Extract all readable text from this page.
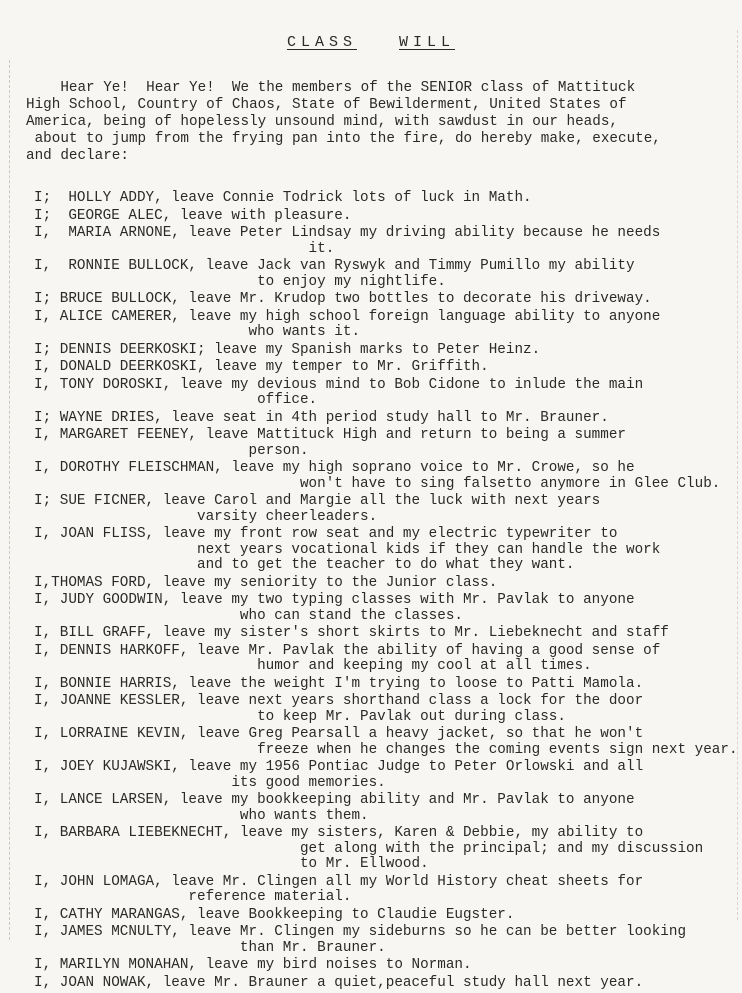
CLASS	WILL
Hear Ye!  Hear Ye!  We the members of the SENIOR class of Mattituck
High School, Country of Chaos, State of Bewilderment, United States of
America, being of hopelessly unsound mind, with sawdust in our heads,
about to jump from the frying pan into the fire, do hereby make, execute,
and declare:
I;  HOLLY ADDY, leave Connie Todrick lots of luck in Math.
I;  GEORGE ALEC, leave with pleasure.
I,  MARIA ARNONE, leave Peter Lindsay my driving ability because he needs
it.
I,  RONNIE BULLOCK, leave Jack van Ryswyk and Timmy Pumillo my ability
to enjoy my nightlife.
I; BRUCE BULLOCK, leave Mr. Krudop two bottles to decorate his driveway.
I, ALICE CAMERER, leave my high school foreign language ability to anyone
who wants it.
I; DENNIS DEERKOSKI; leave my Spanish marks to Peter Heinz.
I, DONALD DEERKOSKI, leave my temper to Mr. Griffith.
I, TONY DOROSKI, leave my devious mind to Bob Cidone to inlude the main
office.
I; WAYNE DRIES, leave seat in 4th period study hall to Mr. Brauner.
I, MARGARET FEENEY, leave Mattituck High and return to being a summer
person.
I, DOROTHY FLEISCHMAN, leave my high soprano voice to Mr. Crowe, so he
won't have to sing falsetto anymore in Glee Club.
I; SUE FICNER, leave Carol and Margie all the luck with next years
varsity cheerleaders.
I, JOAN FLISS, leave my front row seat and my electric typewriter to
next years vocational kids if they can handle the work
and to get the teacher to do what they want.
I,THOMAS FORD, leave my seniority to the Junior class.
I, JUDY GOODWIN, leave my two typing classes with Mr. Pavlak to anyone
who can stand the classes.
I, BILL GRAFF, leave my sister's short skirts to Mr. Liebeknecht and staff
I, DENNIS HARKOFF, leave Mr. Pavlak the ability of having a good sense of
humor and keeping my cool at all times.
I, BONNIE HARRIS, leave the weight I'm trying to loose to Patti Mamola.
I, JOANNE KESSLER, leave next years shorthand class a lock for the door
to keep Mr. Pavlak out during class.
I, LORRAINE KEVIN, leave Greg Pearsall a heavy jacket, so that he won't
freeze when he changes the coming events sign next year.
I, JOEY KUJAWSKI, leave my 1956 Pontiac Judge to Peter Orlowski and all
its good memories.
I, LANCE LARSEN, leave my bookkeeping ability and Mr. Pavlak to anyone
who wants them.
I, BARBARA LIEBEKNECHT, leave my sisters, Karen & Debbie, my ability to
get along with the principal; and my discussion
to Mr. Ellwood.
I, JOHN LOMAGA, leave Mr. Clingen all my World History cheat sheets for
reference material.
I, CATHY MARANGAS, leave Bookkeeping to Claudie Eugster.
I, JAMES MCNULTY, leave Mr. Clingen my sideburns so he can be better looking
than Mr. Brauner.
I, MARILYN MONAHAN, leave my bird noises to Norman.
I, JOAN NOWAK, leave Mr. Brauner a quiet,peaceful study hall next year.
